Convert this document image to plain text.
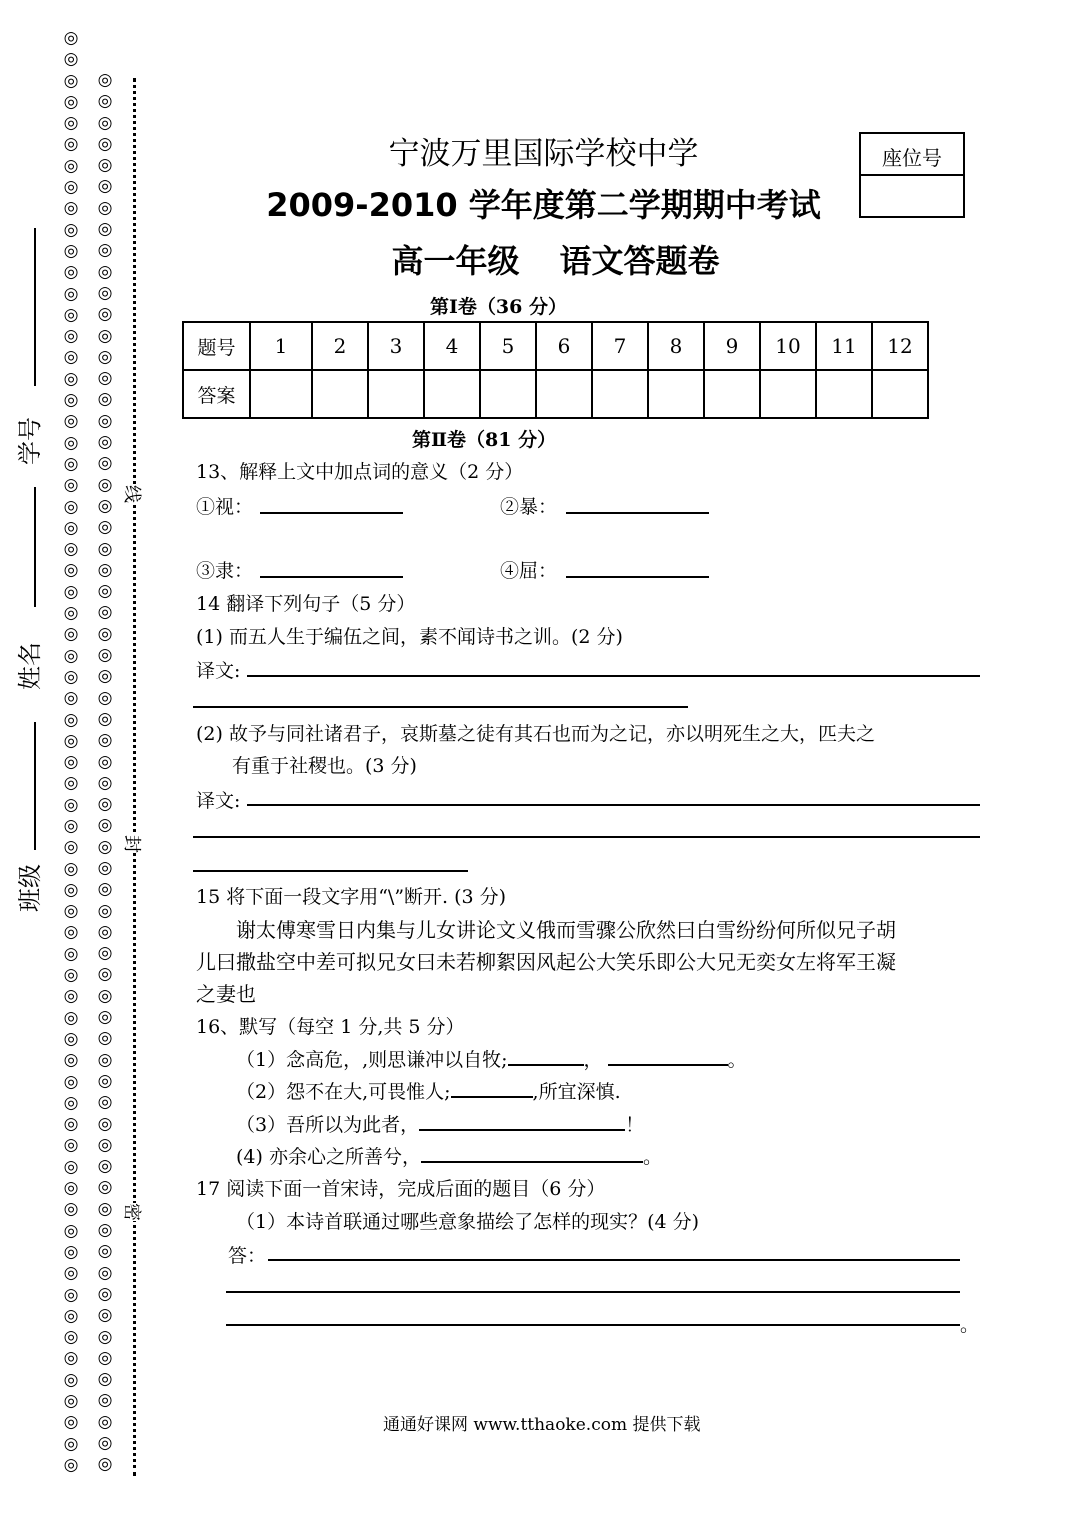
◎
◎
◎
◎
◎
◎
◎
◎
◎
◎
◎
◎
◎
◎
◎
◎
◎
◎
◎
◎
◎
◎
◎
◎
◎
◎
◎
◎
◎
◎
◎
◎
◎
◎
◎
◎
◎
◎
◎
◎
◎
◎
◎
◎
◎
◎
◎
◎
◎
◎
◎
◎
◎
◎
◎
◎
◎
◎
◎
◎
◎
◎
◎
◎
◎
◎
◎
◎
◎
◎
◎
◎
◎
◎
◎
◎
◎
◎
◎
◎
◎
◎
◎
◎
◎
◎
◎
◎
◎
◎
◎
◎
◎
◎
◎
◎
◎
◎
◎
◎
◎
◎
◎
◎
◎
◎
◎
◎
◎
◎
◎
◎
◎
◎
◎
◎
◎
◎
◎
◎
◎
◎
◎
◎
◎
◎
◎
◎
◎
◎
◎
◎
◎
◎
线
封
密
班级
姓名
学号
宁波万里国际学校中学
2009-2010 学年度第二学期期中考试
高一年级 语文答题卷
座位号
第Ⅰ卷（36 分）
题号	1	2	3	4	5	6	7	8	9	10	11	12
答案												
第Ⅱ卷（81 分）
13、解释上文中加点词的意义（2 分）
①视：	②暴：
③隶：	④屈：
14 翻译下列句子（5 分）
(1) 而五人生于编伍之间，素不闻诗书之训。(2 分)
译文:
(2) 故予与同社诸君子，哀斯墓之徒有其石也而为之记，亦以明死生之大，匹夫之
有重于社稷也。(3 分)
译文:
15 将下面一段文字用“\”断开. (3 分)
谢太傅寒雪日内集与儿女讲论文义俄而雪骤公欣然曰白雪纷纷何所似兄子胡
儿曰撒盐空中差可拟兄女曰未若柳絮因风起公大笑乐即公大兄无奕女左将军王凝
之妻也
16、默写（每空 1 分,共 5 分）
（1）念高危，,则思谦冲以自牧;	，	。
（2）怨不在大,可畏惟人;	,所宜深慎.
（3）吾所以为此者，	！
(4) 亦余心之所善兮，	。
17 阅读下面一首宋诗，完成后面的题目（6 分）
（1）本诗首联通过哪些意象描绘了怎样的现实？(4 分)
答：
。
通通好课网 www.tthaoke.com 提供下载
